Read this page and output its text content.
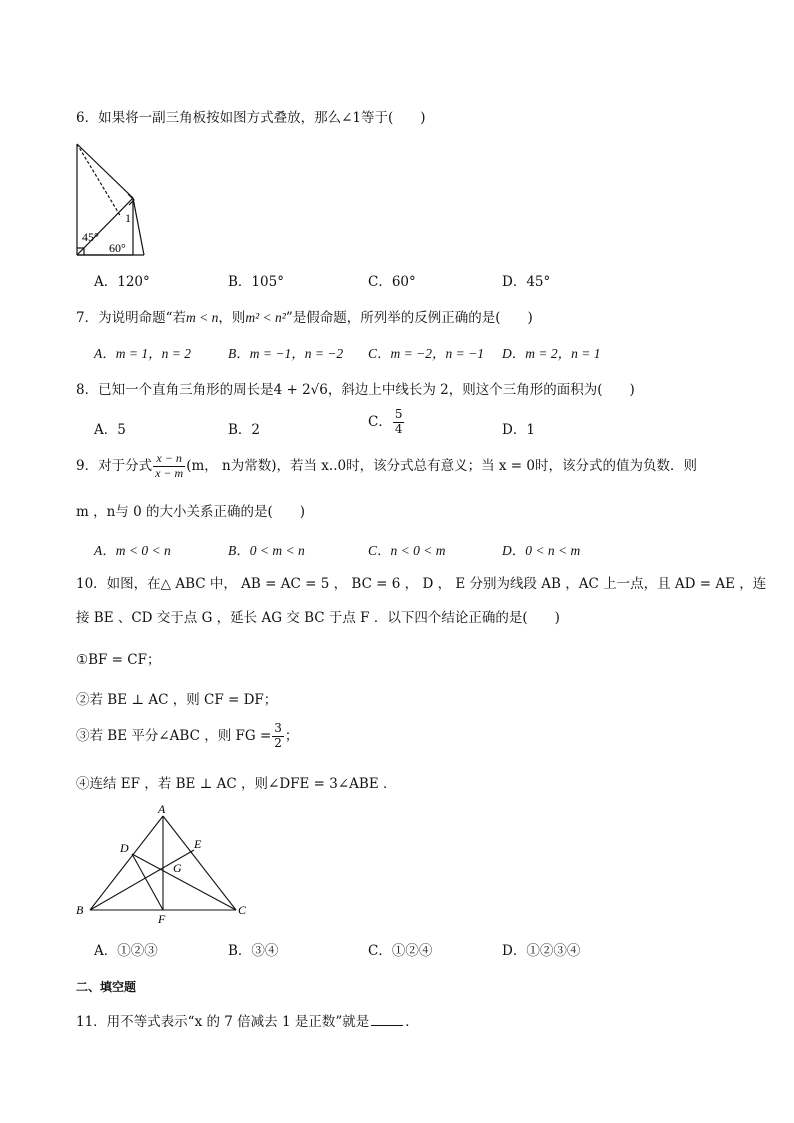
6．如果将一副三角板按如图方式叠放，那么∠1等于(　　)
1
45°
60°
A．120°	B．105°	C．60°	D．45°
7．为说明命题“若m < n，则m² < n²”是假命题，所列举的反例正确的是(　　)
A．m = 1，n = 2	B．m = −1，n = −2 C．m = −2，n = −1 D．m = 2，n = 1
8．已知一个直角三角形的周长是4 + 2√6，斜边上中线长为 2，则这个三角形的面积为(　　)
A．5	B．2
C． $\frac{5}{4}$	D．1
9．对于分式 $\frac{x - n}{x - m} (m$， n为常数)，若当 x..0时，该分式总有意义；当 x = 0时，该分式的值为负数．则
m ，n与 0 的大小关系正确的是(　　)
A．m < 0 < n	B．0 < m < n	C．n < 0 < m	D．0 < n < m
10．如图，在△ ABC 中， AB = AC = 5 ， BC = 6 ， D ， E 分别为线段 AB ，AC 上一点，且 AD = AE ，连
接 BE 、CD 交于点 G ，延长 AG 交 BC 于点 F ．以下四个结论正确的是(　　)
①BF = CF；
②若 BE ⊥ AC ，则 CF = DF；
③若 BE 平分∠ABC ，则 FG = $\frac{3}{2}$ ；
④连结 EF ，若 BE ⊥ AC ，则∠DFE = 3∠ABE ．
A
B	C
D	E
F
G
A．①②③	B．③④	C．①②④	D．①②③④
二、填空题
11．用不等式表示“x 的 7 倍减去 1 是正数”就是	．
